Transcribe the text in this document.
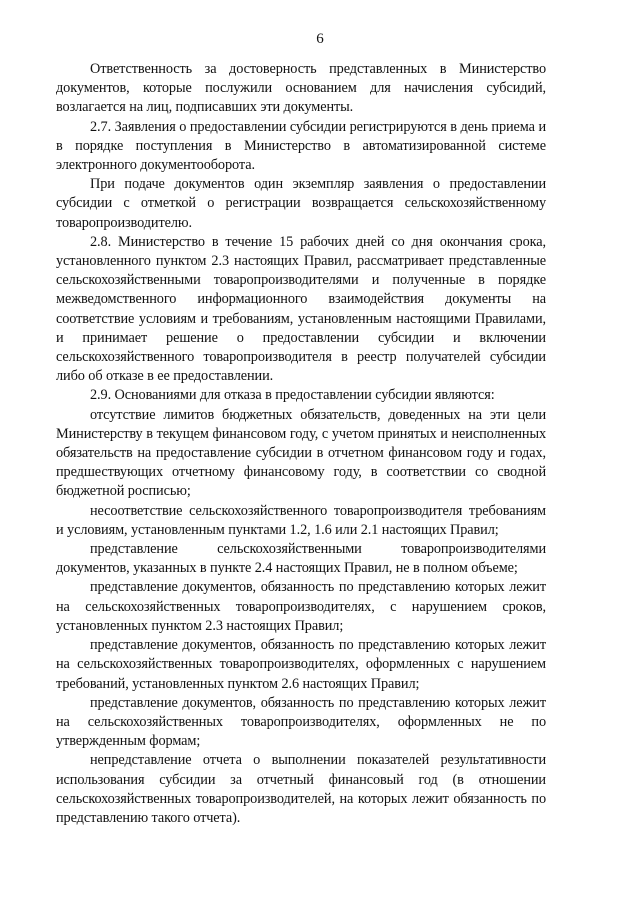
6

Ответственность за достоверность представленных в Министерство документов, которые послужили основанием для начисления субсидий, возлагается на лиц, подписавших эти документы.

2.7. Заявления о предоставлении субсидии регистрируются в день приема и в порядке поступления в Министерство в автоматизированной системе электронного документооборота.

При подаче документов один экземпляр заявления о предоставлении субсидии с отметкой о регистрации возвращается сельскохозяйственному товаропроизводителю.

2.8. Министерство в течение 15 рабочих дней со дня окончания срока, установленного пунктом 2.3 настоящих Правил, рассматривает представленные сельскохозяйственными товаропроизводителями и полученные в порядке межведомственного информационного взаимодействия документы на соответствие условиям и требованиям, установленным настоящими Правилами, и принимает решение о предоставлении субсидии и включении сельскохозяйственного товаропроизводителя в реестр получателей субсидии либо об отказе в ее предоставлении.

2.9. Основаниями для отказа в предоставлении субсидии являются:

отсутствие лимитов бюджетных обязательств, доведенных на эти цели Министерству в текущем финансовом году, с учетом принятых и неисполненных обязательств на предоставление субсидии в отчетном финансовом году и годах, предшествующих отчетному финансовому году, в соответствии со сводной бюджетной росписью;

несоответствие сельскохозяйственного товаропроизводителя требованиям и условиям, установленным пунктами 1.2, 1.6 или 2.1 настоящих Правил;

представление сельскохозяйственными товаропроизводителями документов, указанных в пункте 2.4 настоящих Правил, не в полном объеме;

представление документов, обязанность по представлению которых лежит на сельскохозяйственных товаропроизводителях, с нарушением сроков, установленных пунктом 2.3 настоящих Правил;

представление документов, обязанность по представлению которых лежит на сельскохозяйственных товаропроизводителях, оформленных с нарушением требований, установленных пунктом 2.6 настоящих Правил;

представление документов, обязанность по представлению которых лежит на сельскохозяйственных товаропроизводителях, оформленных не по утвержденным формам;

непредставление отчета о выполнении показателей результативности использования субсидии за отчетный финансовый год (в отношении сельскохозяйственных товаропроизводителей, на которых лежит обязанность по представлению такого отчета).
